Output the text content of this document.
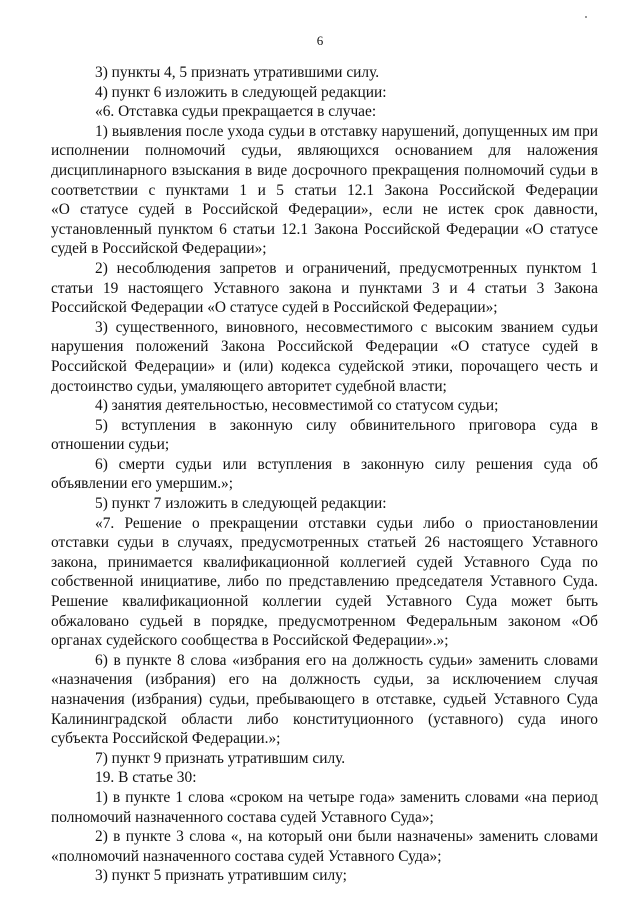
6
3) пункты 4, 5 признать утратившими силу.
4) пункт 6 изложить в следующей редакции:
«6. Отставка судьи прекращается в случае:
1) выявления после ухода судьи в отставку нарушений, допущенных им при
исполнении полномочий судьи, являющихся основанием для наложения
дисциплинарного взыскания в виде досрочного прекращения полномочий судьи в
соответствии с пунктами 1 и 5 статьи 12.1 Закона Российской Федерации
«О статусе судей в Российской Федерации», если не истек срок давности,
установленный пунктом 6 статьи 12.1 Закона Российской Федерации «О статусе
судей в Российской Федерации»;
2) несоблюдения запретов и ограничений, предусмотренных пунктом 1
статьи 19 настоящего Уставного закона и пунктами 3 и 4 статьи 3 Закона
Российской Федерации «О статусе судей в Российской Федерации»;
3) существенного, виновного, несовместимого с высоким званием судьи
нарушения положений Закона Российской Федерации «О статусе судей в
Российской Федерации» и (или) кодекса судейской этики, порочащего честь и
достоинство судьи, умаляющего авторитет судебной власти;
4) занятия деятельностью, несовместимой со статусом судьи;
5) вступления в законную силу обвинительного приговора суда в
отношении судьи;
6) смерти судьи или вступления в законную силу решения суда об
объявлении его умершим.»;
5) пункт 7 изложить в следующей редакции:
«7. Решение о прекращении отставки судьи либо о приостановлении
отставки судьи в случаях, предусмотренных статьей 26 настоящего Уставного
закона, принимается квалификационной коллегией судей Уставного Суда по
собственной инициативе, либо по представлению председателя Уставного Суда.
Решение квалификационной коллегии судей Уставного Суда может быть
обжаловано судьей в порядке, предусмотренном Федеральным законом «Об
органах судейского сообщества в Российской Федерации».»;
6) в пункте 8 слова «избрания его на должность судьи» заменить словами
«назначения (избрания) его на должность судьи, за исключением случая
назначения (избрания) судьи, пребывающего в отставке, судьей Уставного Суда
Калининградской области либо конституционного (уставного) суда иного
субъекта Российской Федерации.»;
7) пункт 9 признать утратившим силу.
19. В статье 30:
1) в пункте 1 слова «сроком на четыре года» заменить словами «на период
полномочий назначенного состава судей Уставного Суда»;
2) в пункте 3 слова «, на который они были назначены» заменить словами
«полномочий назначенного состава судей Уставного Суда»;
3) пункт 5 признать утратившим силу;
